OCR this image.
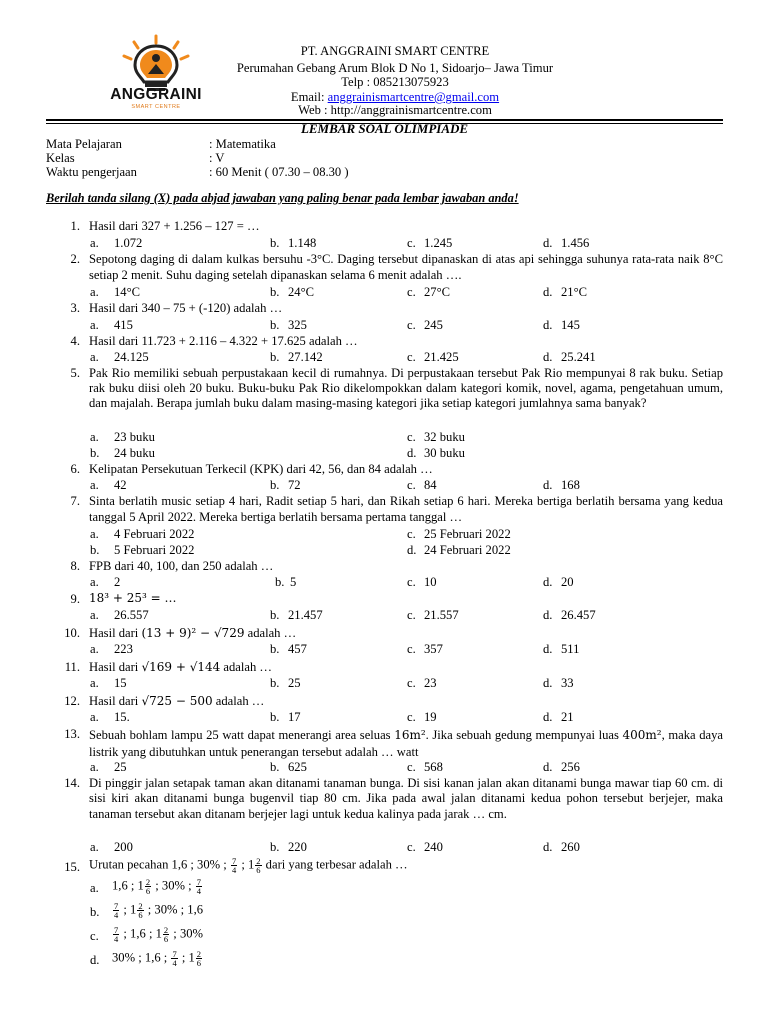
ANGGRAINI
SMART CENTRE
PT. ANGGRAINI SMART CENTRE
Perumahan Gebang Arum Blok D No 1, Sidoarjo– Jawa Timur
Telp : 085213075923
Email: anggrainismartcentre@gmail.com
Web : http://anggrainismartcentre.com
LEMBAR SOAL OLIMPIADE
Mata Pelajaran	: Matematika
Kelas	: V
Waktu pengerjaan	: 60 Menit ( 07.30 – 08.30 )
Berilah tanda silang (X) pada abjad jawaban yang paling benar pada lembar jawaban anda!
1. Hasil dari 327 + 1.256 – 127 = …
a. 1.072	b. 1.148	c. 1.245	d. 1.456
2. Sepotong daging di dalam kulkas bersuhu -3°C. Daging tersebut dipanaskan di atas api sehingga suhunya rata-rata naik 8°C setiap 2 menit. Suhu daging setelah dipanaskan selama 6 menit adalah ….
a. 14°C	b. 24°C	c. 27°C	d. 21°C
3. Hasil dari 340 – 75 + (-120) adalah …
a. 415	b. 325	c. 245	d. 145
4. Hasil dari 11.723 + 2.116 – 4.322 + 17.625 adalah …
a. 24.125	b. 27.142	c. 21.425	d. 25.241
5. Pak Rio memiliki sebuah perpustakaan kecil di rumahnya. Di perpustakaan tersebut Pak Rio mempunyai 8 rak buku. Setiap rak buku diisi oleh 20 buku. Buku-buku Pak Rio dikelompokkan dalam kategori komik, novel, agama, pengetahuan umum, dan majalah. Berapa jumlah buku dalam masing-masing kategori jika setiap kategori jumlahnya sama banyak?
a. 23 buku	c. 32 buku
b. 24 buku	d. 30 buku
6. Kelipatan Persekutuan Terkecil (KPK) dari 42, 56, dan 84 adalah …
a. 42	b. 72	c. 84	d. 168
7. Sinta berlatih music setiap 4 hari, Radit setiap 5 hari, dan Rikah setiap 6 hari. Mereka bertiga berlatih bersama yang kedua tanggal 5 April 2022. Mereka bertiga berlatih bersama pertama tanggal …
a. 4 Februari 2022	c. 25 Februari 2022
b. 5 Februari 2022	d. 24 Februari 2022
8. FPB dari 40, 100, dan 250 adalah …
a. 2	b. 5	c. 10	d. 20
9. 18³ + 25³ = …
a. 26.557	b. 21.457	c. 21.557	d. 26.457
10. Hasil dari (13 + 9)² − √729 adalah …
a. 223	b. 457	c. 357	d. 511
11. Hasil dari √169 + √144 adalah …
a. 15	b. 25	c. 23	d. 33
12. Hasil dari √725 − 500 adalah …
a. 15.	b. 17	c. 19	d. 21
13. Sebuah bohlam lampu 25 watt dapat menerangi area seluas 16m². Jika sebuah gedung mempunyai luas 400m², maka daya listrik yang dibutuhkan untuk penerangan tersebut adalah … watt
a. 25	b. 625	c. 568	d. 256
14. Di pinggir jalan setapak taman akan ditanami tanaman bunga. Di sisi kanan jalan akan ditanami bunga mawar tiap 60 cm. di sisi kiri akan ditanami bunga bugenvil tiap 80 cm. Jika pada awal jalan ditanami kedua pohon tersebut berjejer, maka tanaman tersebut akan ditanam berjejer lagi untuk kedua kalinya pada jarak … cm.
a. 200	b. 220	c. 240	d. 260
15. Urutan pecahan 1,6 ; 30% ; $\frac{7}{4}$ ; $1 \frac{2}{6}$ dari yang terbesar adalah …
a. 1,6 ; $1 \frac{2}{6}$ ; 30% ; $\frac{7}{4}$
b. $\frac{7}{4}$ ; $1 \frac{2}{6}$ ; 30% ; 1,6
c. $\frac{7}{4}$ ; 1,6 ; $1 \frac{2}{6}$ ; 30%
d. 30% ; 1,6 ; $\frac{7}{4}$ ; $1 \frac{2}{6}$
